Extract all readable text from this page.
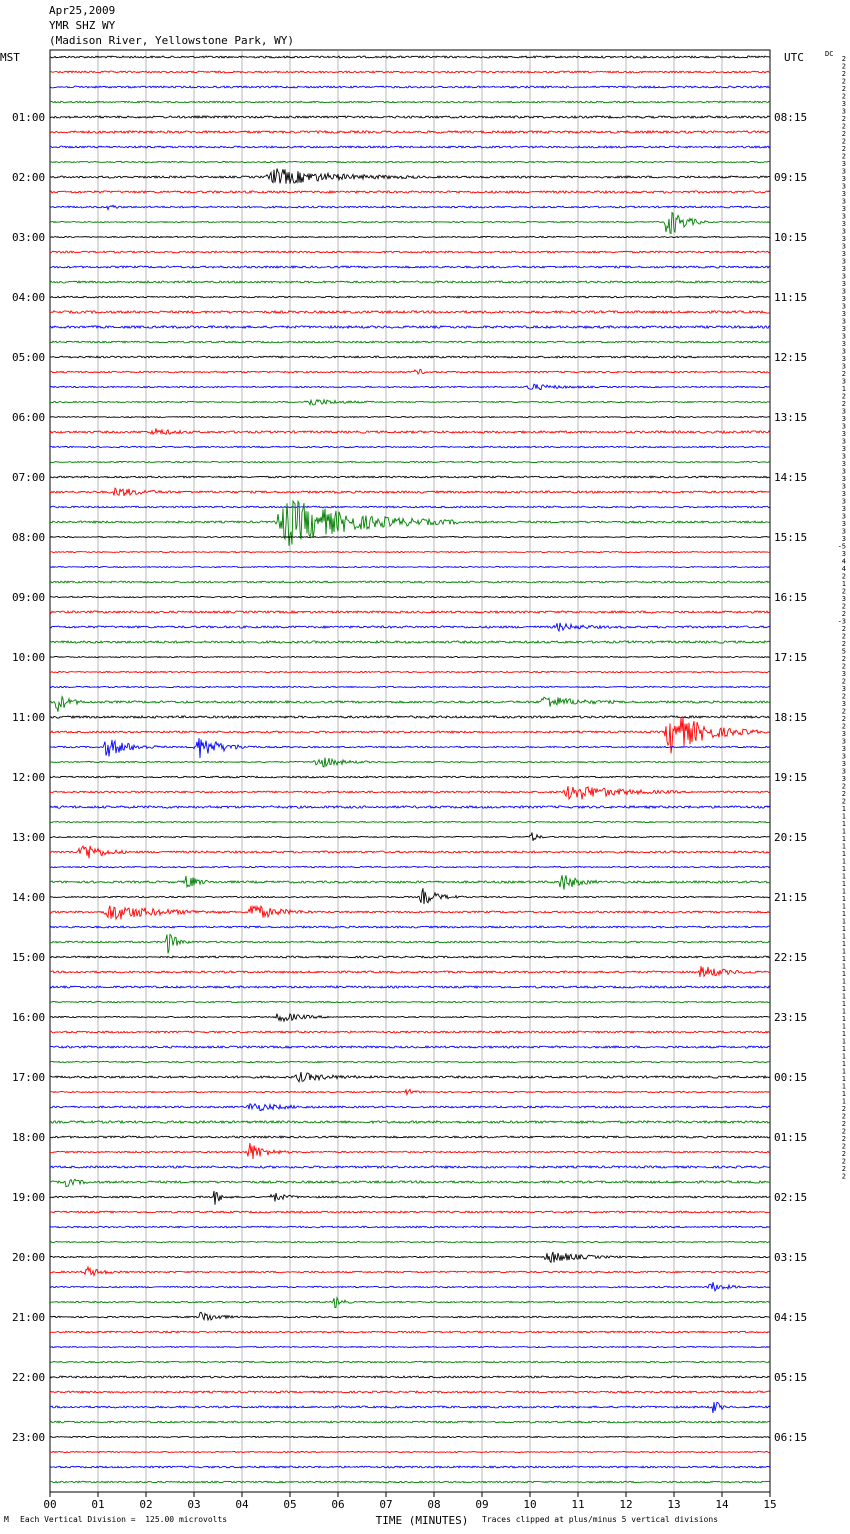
Apr25,2009
YMR SHZ WY
(Madison River, Yellowstone Park, WY)
MST	UTC	DC
01:00
02:00
03:00
04:00
05:00
06:00
07:00
08:00
09:00
10:00
11:00
12:00
13:00
14:00
15:00
16:00
17:00
18:00
19:00
20:00
21:00
22:00
23:00
08:15
09:15
10:15
11:15
12:15
13:15
14:15
15:15
16:15
17:15
18:15
19:15
20:15
21:15
22:15
23:15
00:15
01:15
02:15
03:15
04:15
05:15
06:15
2
2
2
2
2
2
3
3
2
2
2
2
2
2
3
3
3
3
3
3
3
3
3
3
3
3
3
3
3
3
3
3
3
3
3
3
3
3
3
3
3
3
2
3
1
2
2
3
3
3
3
3
3
3
3
3
3
3
3
3
3
3
3
3
3
-5
3
4
4
2
1
2
3
2
2
-3
2
2
2
5
2
2
3
2
3
2
3
2
2
2
3
3
3
3
3
3
3
2
2
2
1
1
1
1
1
1
1
1
1
1
1
1
1
1
1
1
1
1
1
1
1
1
1
1
1
1
1
1
1
1
1
1
1
1
1
1
1
1
1
1
2
2
2
2
2
2
2
2
2
2
00	01	02	03	04	05	06	07	08	09	10	11	12	13	14	15
TIME (MINUTES)
M Each Vertical Division =  125.00 microvolts	Traces clipped at plus/minus 5 vertical divisions
